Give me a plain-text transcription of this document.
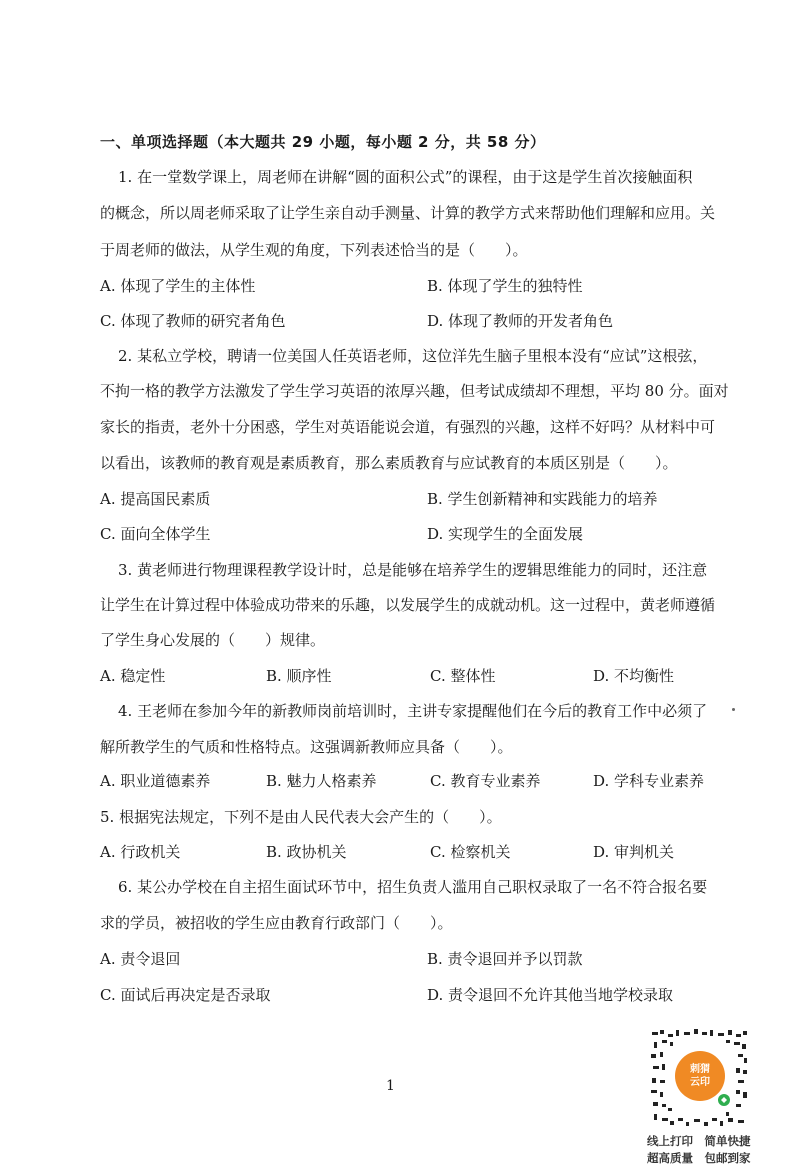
一、单项选择题（本大题共 29 小题，每小题 2 分，共 58 分）
1. 在一堂数学课上，周老师在讲解“圆的面积公式”的课程，由于这是学生首次接触面积
的概念，所以周老师采取了让学生亲自动手测量、计算的教学方式来帮助他们理解和应用。关
于周老师的做法，从学生观的角度，下列表述恰当的是（　　）。
A. 体现了学生的主体性	B. 体现了学生的独特性
C. 体现了教师的研究者角色	D. 体现了教师的开发者角色
2. 某私立学校，聘请一位美国人任英语老师，这位洋先生脑子里根本没有“应试”这根弦，
不拘一格的教学方法激发了学生学习英语的浓厚兴趣，但考试成绩却不理想，平均 80 分。面对
家长的指责，老外十分困惑，学生对英语能说会道，有强烈的兴趣，这样不好吗？从材料中可
以看出，该教师的教育观是素质教育，那么素质教育与应试教育的本质区别是（　　）。
A. 提高国民素质	B. 学生创新精神和实践能力的培养
C. 面向全体学生	D. 实现学生的全面发展
3. 黄老师进行物理课程教学设计时，总是能够在培养学生的逻辑思维能力的同时，还注意
让学生在计算过程中体验成功带来的乐趣，以发展学生的成就动机。这一过程中，黄老师遵循
了学生身心发展的（　　）规律。
A. 稳定性	B. 顺序性	C. 整体性	D. 不均衡性
4. 王老师在参加今年的新教师岗前培训时，主讲专家提醒他们在今后的教育工作中必须了
解所教学生的气质和性格特点。这强调新教师应具备（　　）。
A. 职业道德素养	B. 魅力人格素养	C. 教育专业素养	D. 学科专业素养
5. 根据宪法规定，下列不是由人民代表大会产生的（　　）。
A. 行政机关	B. 政协机关	C. 检察机关	D. 审判机关
6. 某公办学校在自主招生面试环节中，招生负责人滥用自己职权录取了一名不符合报名要
求的学员，被招收的学生应由教育行政部门（　　）。
A. 责令退回	B. 责令退回并予以罚款
C. 面试后再决定是否录取	D. 责令退回不允许其他当地学校录取
1
刺猬
云印
线上打印　简单快捷
超高质量　包邮到家
